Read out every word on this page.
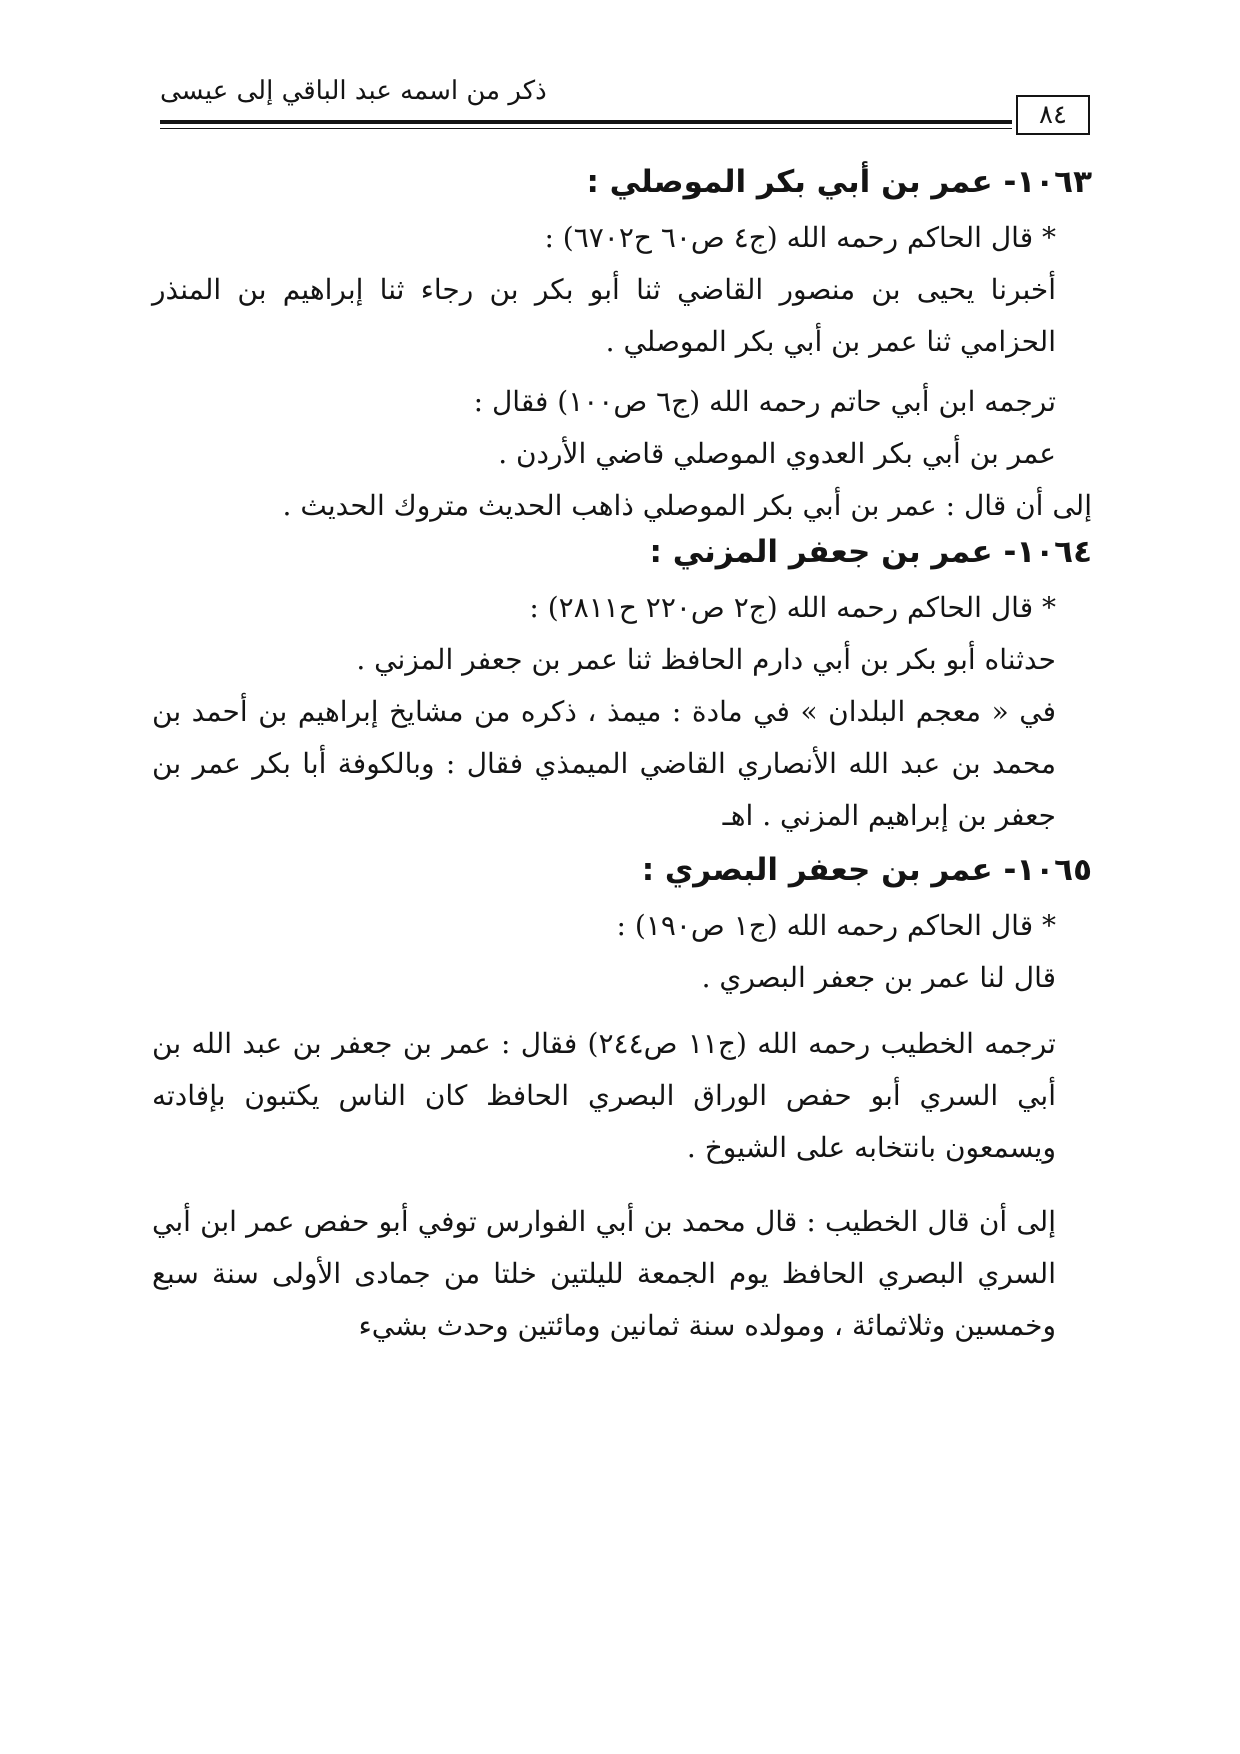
ذكر من اسمه عبد الباقي إلى عيسى
٨٤
١٠٦٣- عمر بن أبي بكر الموصلي :

* قال الحاكم رحمه الله (ج٤ ص٦٠ ح٦٧٠٢) :

أخبرنا يحيى بن منصور القاضي ثنا أبو بكر بن رجاء ثنا إبراهيم بن المنذر الحزامي ثنا عمر بن أبي بكر الموصلي .

ترجمه ابن أبي حاتم رحمه الله (ج٦ ص١٠٠) فقال :

عمر بن أبي بكر العدوي الموصلي قاضي الأردن .

إلى أن قال : عمر بن أبي بكر الموصلي ذاهب الحديث متروك الحديث .

١٠٦٤- عمر بن جعفر المزني :

* قال الحاكم رحمه الله (ج٢ ص٢٢٠ ح٢٨١١) :

حدثناه أبو بكر بن أبي دارم الحافظ ثنا عمر بن جعفر المزني .

في « معجم البلدان » في مادة : ميمذ ، ذكره من مشايخ إبراهيم بن أحمد بن محمد بن عبد الله الأنصاري القاضي الميمذي فقال : وبالكوفة أبا بكر عمر بن جعفر بن إبراهيم المزني . اهـ

١٠٦٥- عمر بن جعفر البصري :

* قال الحاكم رحمه الله (ج١ ص١٩٠) :

قال لنا عمر بن جعفر البصري .

ترجمه الخطيب رحمه الله (ج١١ ص٢٤٤) فقال : عمر بن جعفر بن عبد الله بن أبي السري أبو حفص الوراق البصري الحافظ كان الناس يكتبون بإفادته ويسمعون بانتخابه على الشيوخ .

إلى أن قال الخطيب : قال محمد بن أبي الفوارس توفي أبو حفص عمر ابن أبي السري البصري الحافظ يوم الجمعة لليلتين خلتا من جمادى الأولى سنة سبع وخمسين وثلاثمائة ، ومولده سنة ثمانين ومائتين وحدث بشيء
